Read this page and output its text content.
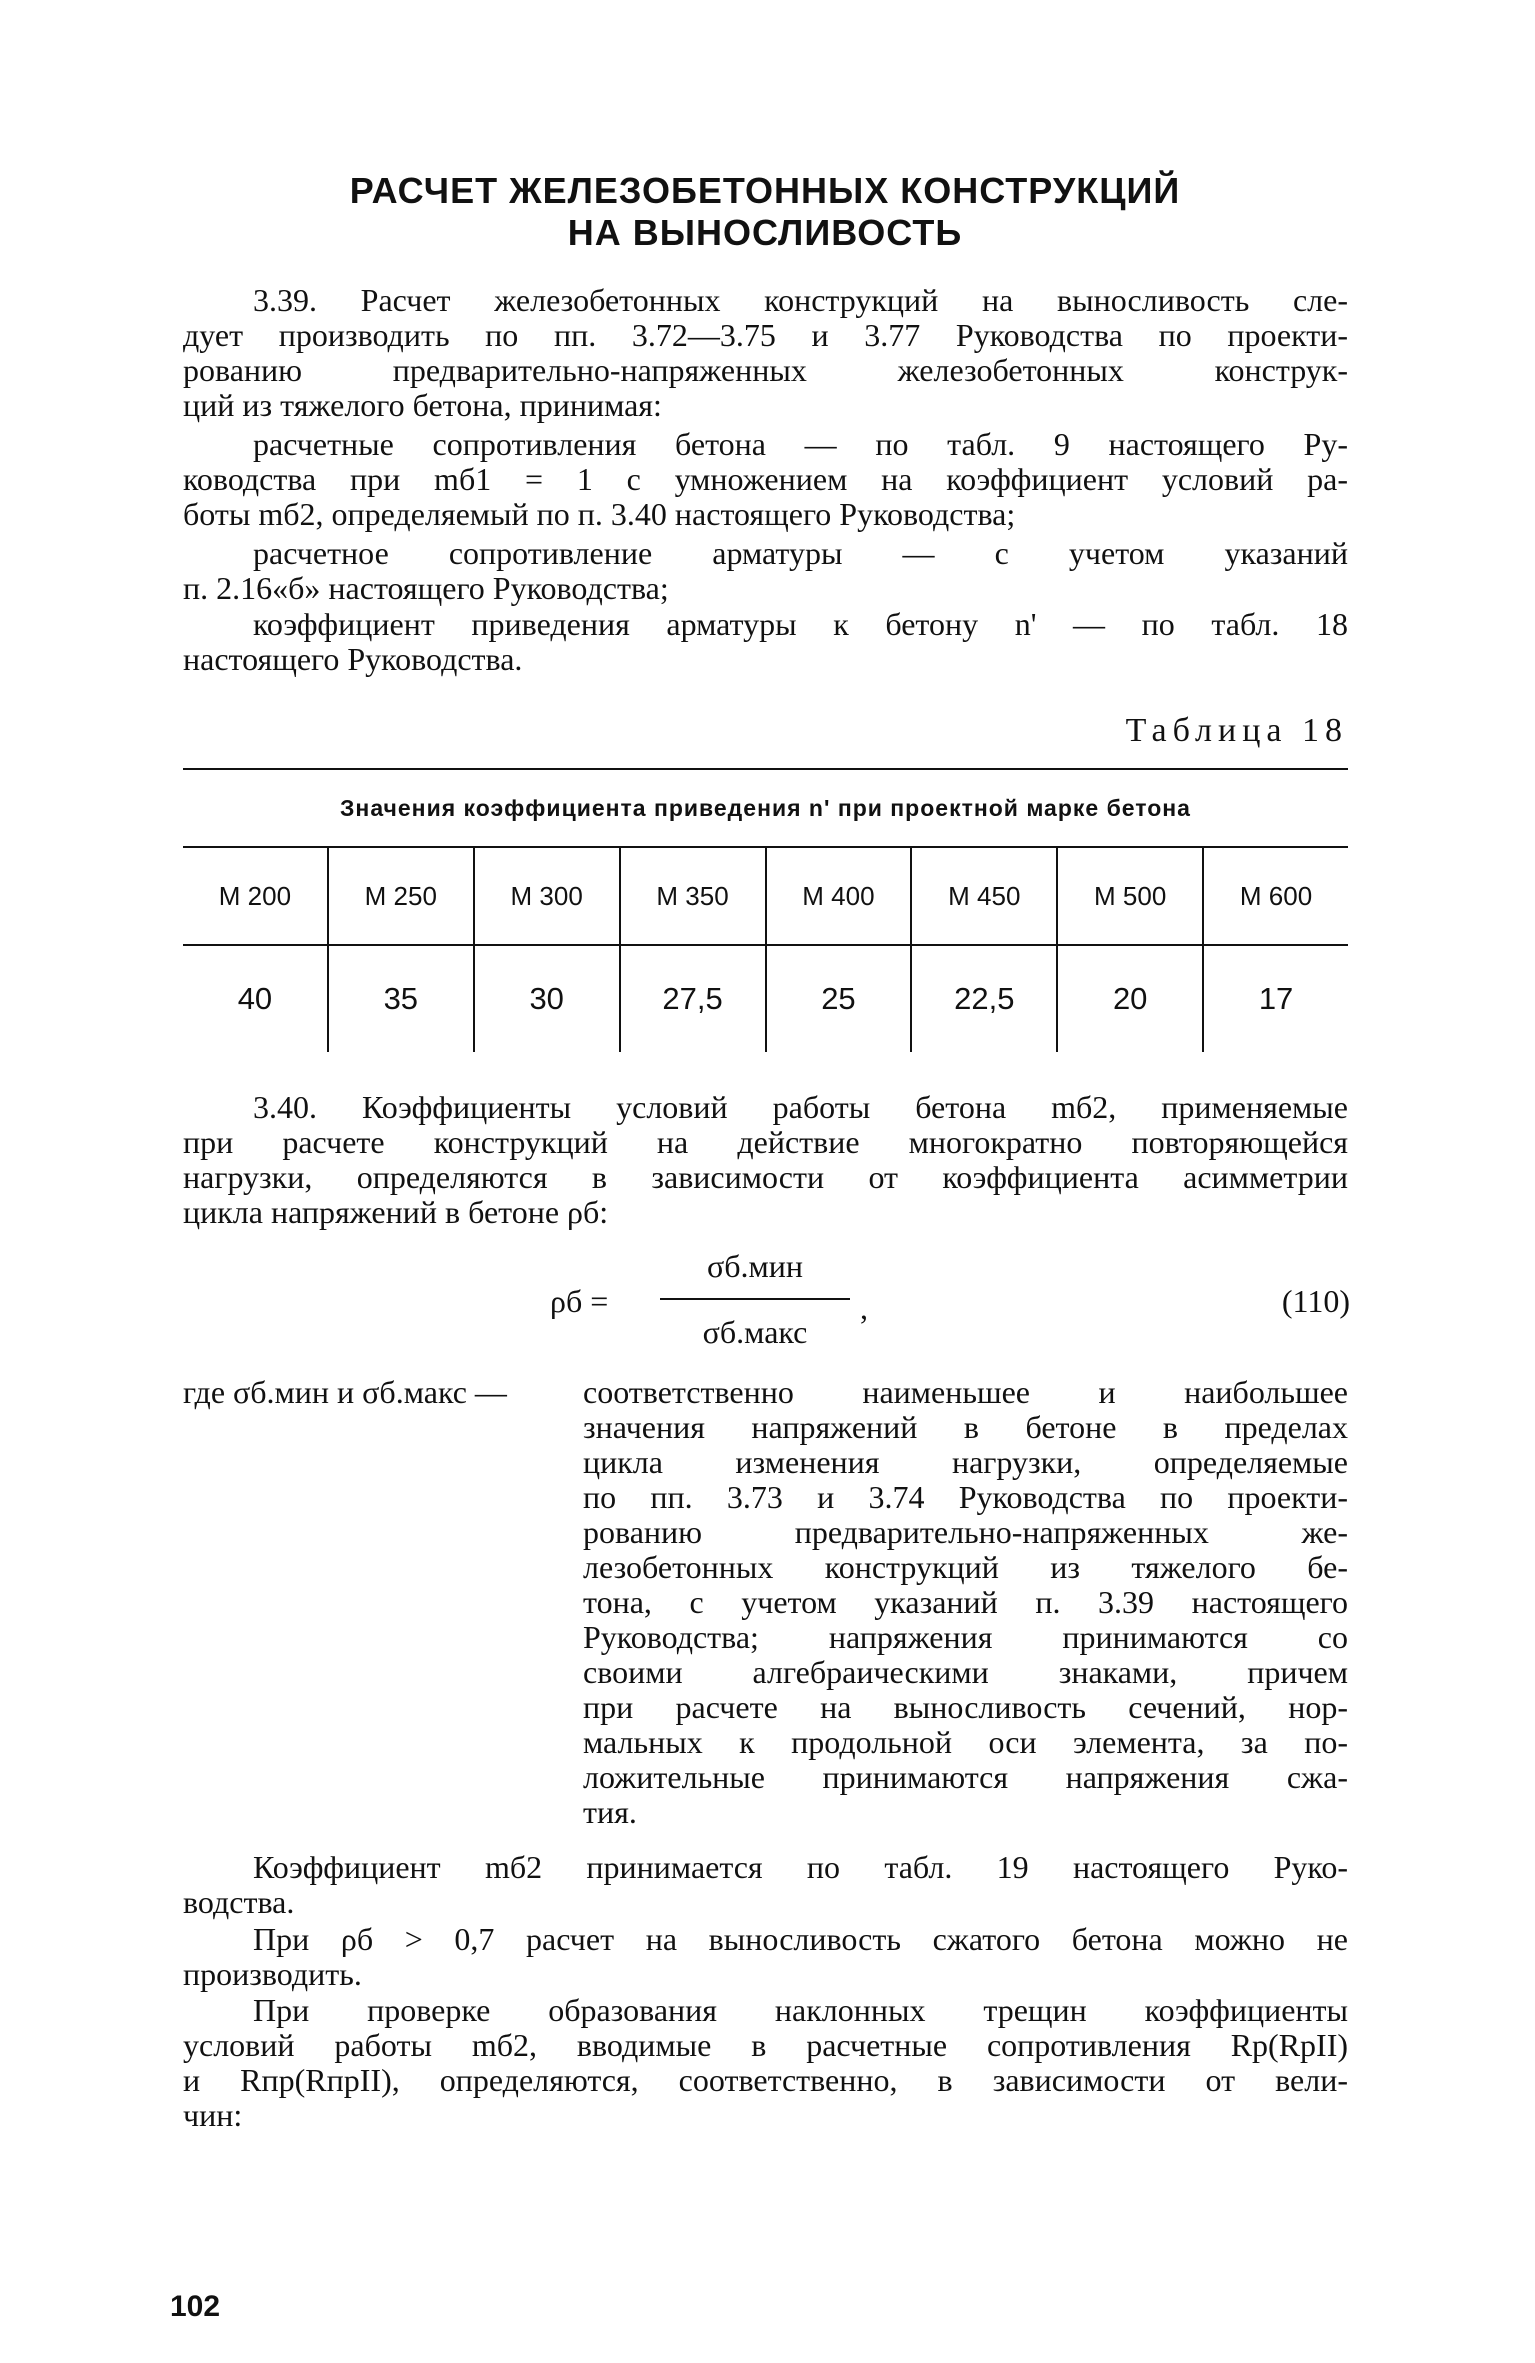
РАСЧЕТ ЖЕЛЕЗОБЕТОННЫХ КОНСТРУКЦИЙ
НА ВЫНОСЛИВОСТЬ
3.39. Расчет железобетонных конструкций на выносливость сле-
дует производить по пп. 3.72—3.75 и 3.77 Руководства по проекти-
рованию предварительно-напряженных железобетонных конструк-
ций из тяжелого бетона, принимая:
расчетные сопротивления бетона — по табл. 9 настоящего Ру-
ководства при mб1 = 1 с умножением на коэффициент условий ра-
боты mб2, определяемый по п. 3.40 настоящего Руководства;
расчетное сопротивление арматуры — с учетом указаний
п. 2.16«б» настоящего Руководства;
коэффициент приведения арматуры к бетону n' — по табл. 18
настоящего Руководства.
Таблица 18
Значения коэффициента приведения n' при проектной марке бетона
М 200	М 250	М 300	М 350	М 400	М 450	М 500	М 600
40	35	30	27,5	25	22,5	20	17
3.40. Коэффициенты условий работы бетона mб2, применяемые
при расчете конструкций на действие многократно повторяющейся
нагрузки, определяются в зависимости от коэффициента асимметрии
цикла напряжений в бетоне ρб:
ρб =
σб.мин
σб.макс
,	(110)
где σб.мин и σб.макс — соответственно наименьшее и наибольшее
значения напряжений в бетоне в пределах
цикла изменения нагрузки, определяемые
по пп. 3.73 и 3.74 Руководства по проекти-
рованию предварительно-напряженных же-
лезобетонных конструкций из тяжелого бе-
тона, с учетом указаний п. 3.39 настоящего
Руководства; напряжения принимаются со
своими алгебраическими знаками, причем
при расчете на выносливость сечений, нор-
мальных к продольной оси элемента, за по-
ложительные принимаются напряжения сжа-
тия.
Коэффициент mб2 принимается по табл. 19 настоящего Руко-
водства.
При ρб > 0,7 расчет на выносливость сжатого бетона можно не
производить.
При проверке образования наклонных трещин коэффициенты
условий работы mб2, вводимые в расчетные сопротивления Rр(RрII)
и Rпр(RпрII), определяются, соответственно, в зависимости от вели-
чин:
102
